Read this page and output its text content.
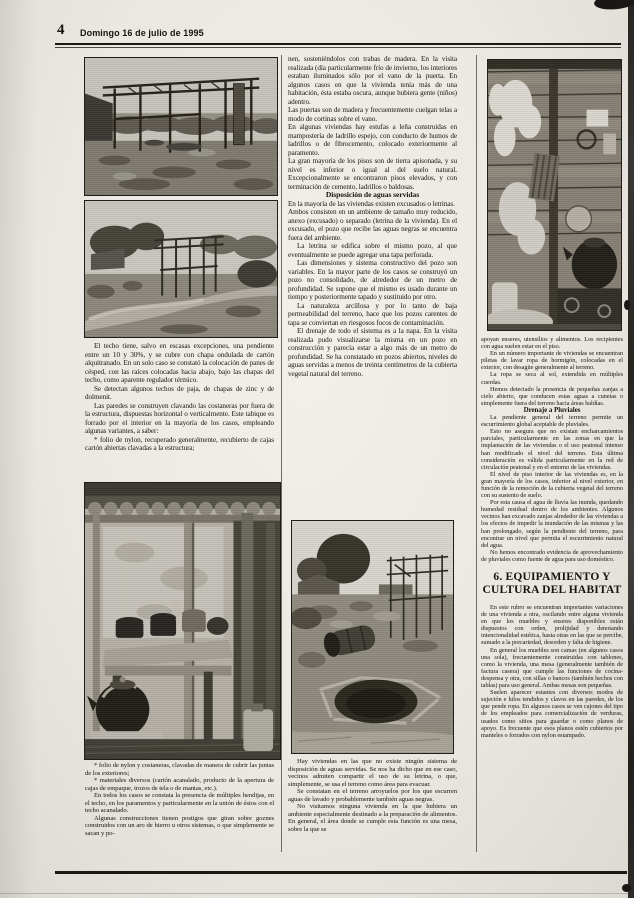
4 Domingo 16 de julio de 1995

El techo tiene, salvo en escasas excepciones, una pendiente entre un 10 y 30%, y se cubre con chapa ondulada de cartón alquitranado. En un solo caso se constató la colocación de panes de césped, con las raíces colocadas hacia abajo, bajo las chapas del techo, como aparente regulador térmico.

Se detectan algunos techos de paja, de chapas de zinc y de dolmenit.

Las paredes se construyen clavando las costaneras por fuera de la estructura, dispuestas horizontal o verticalmente. Este tabique es forrado por el interior en la mayoría de los casos, empleando algunas variantes, a saber:

* folio de nylon, recuperado generalmente, recubierto de cajas cartón abiertas clavadas a la estructura;

* folio de nylon y costaneras, clavadas de manera de cubrir las juntas de los exteriores;

* materiales diversos (cartón acanalado, producto de la apertura de cajas de empaque, trozos de tela o de mantas, etc.).

En todos los casos se constata la presencia de múltiples hendijas, en el techo, en los paramentos y particularmente en la unión de éstos con el techo acanalado.

Algunas construcciones tienen postigos que giran sobre goznes construidos con un aro de hierro u otros sistemas, o que simplemente se sacan y po-

nen, sosteniéndolos con trabas de madera. En la visita realizada (día particularmente frío de invierno, los interiores estaban iluminados sólo por el vano de la puerta. En algunos casos en que la vivienda tenía más de una habitación, ésta estaba oscura, aunque hubiera gente (niños) adentro.

Las puertas son de madera y frecuentemente cuelgan telas a modo de cortinas sobre el vano.

En algunas viviendas hay estufas a leña construidas en mampostería de ladrillo espejo, con conducto de humos de ladrillos o de fibrocemento, colocado exteriormente al paramento.

La gran mayoría de los pisos son de tierra apisonada, y su nivel es inferior o igual al del suelo natural. Excepcionalmente se encontraron pisos elevados, y con terminación de cemento, ladrillos o baldosas.

Disposición de aguas servidas

En la mayoría de las viviendas existen excusados o letrinas.

Ambos consisten en un ambiente de tamaño muy reducido, anexo (excusado) o separado (letrina de la vivienda). En el excusado, el pozo que recibe las aguas negras se encuentra fuera del ambiente.

La letrina se edifica sobre el mismo pozo, al que eventualmente se puede agregar una tapa perforada.

Las dimensiones y sistema constructivo del pozo son variables. En la mayor parte de los casos se construyó un pozo no consolidado, de alrededor de un metro de profundidad. Se supone que el mismo es usado durante un tiempo y posteriormente tapado y sustituido por otro.

La naturaleza arcillosa y por lo tanto de baja permeabilidad del terreno, hace que los pozos carentes de tapa se conviertan en riesgosos focos de contaminación.

El drenaje de todo el sistema es a la napa. En la visita realizada pudo visualizarse la misma en un pozo en construcción y parecía estar a algo más de un metro de profundidad. Se ha constatado en pozos abiertos, niveles de aguas servidas a menos de treinta centímetros de la cubierta vegetal natural del terreno.

Hay viviendas en las que no existe ningún sistema de disposición de aguas servidas. Se nos ha dicho que en ese caso, vecinos admiten compartir el uso de su letrina, o que, simplemente, se usa el terreno como área para evacuar.

Se constatan en el terreno arroyuelos por los que escurren aguas de lavado y probablemente también aguas negras.

No visitamos ninguna vivienda en la que hubiera un ambiente especialmente destinado a la preparación de alimentos. En general, el área donde se cumple esta función es una mesa, sobre la que se

apoyan enseres, utensilios y alimentos. Los recipientes con agua suelen estar en el piso.

En un número importante de viviendas se encuentran piletas de lavar ropa de hormigón, colocadas en el exterior, con desagüe generalmente al terreno.

La ropa se seca al sol, extendida en múltiples cuerdas.

Hemos detectado la presencia de pequeñas zanjas a cielo abierto, que conducen estas aguas a cunetas o simplemente fuera del terreno hacia áreas baldías.

Drenaje a Pluviales

La pendiente general del terreno permite un escurrimiento global aceptable de pluviales.

Esto no asegura que no existan encharcamientos parciales, particularmente en las zonas en que la implantación de las viviendas o el uso peatonal intenso han modificado el nivel del terreno. Esta última consideración es válida particularmente en la red de circulación peatonal y en el entorno de las viviendas.

El nivel de piso interior de las viviendas es, en la gran mayoría de los casos, inferior al nivel exterior, en función de la remoción de la cubierta vegetal del terreno con su sustento de suelo.

Por esta causa el agua de lluvia las inunda, quedando humedad residual dentro de los ambientes. Algunos vecinos han excavado zanjas alrededor de las viviendas a los efectos de impedir la inundación de las mismas y las han prolongado, según la pendiente del terreno, para encontrar un nivel que permita el escurrimiento natural del agua.

No hemos encontrado evidencia de aprovechamiento de pluviales como fuente de agua para uso doméstico.

6. EQUIPAMIENTO Y
CULTURA DEL HABITAT

En este rubro se encuentran importantes variaciones de una vivienda a otra, oscilando entre alguna vivienda en que los muebles y enseres disponibles están dispuestos con orden, prolijidad y denotando intencionalidad estética, hasta otras en las que se percibe, sumado a la precariedad, desorden y falta de higiene.

En general los muebles son camas (en algunos casos una sola), frecuentemente construidas con tablones, como la vivienda, una mesa (generalmente también de factura casera) que cumple las funciones de cocina-despensa y otra, con sillas o bancos (también hechos con tablas) para uso general. Ambas mesas son pequeñas.

Suelen aparecer estantes con diversos modos de sujeción e hilos tendidos y clavos en las paredes, de los que pende ropa. En algunos casos se ven cajones del tipo de los empleados para comercialización de verduras, usados como sitios para guardar o como planos de apoyo. Es frecuente que esos planos estén cubiertos por manteles o forrados con nylon estampado.
